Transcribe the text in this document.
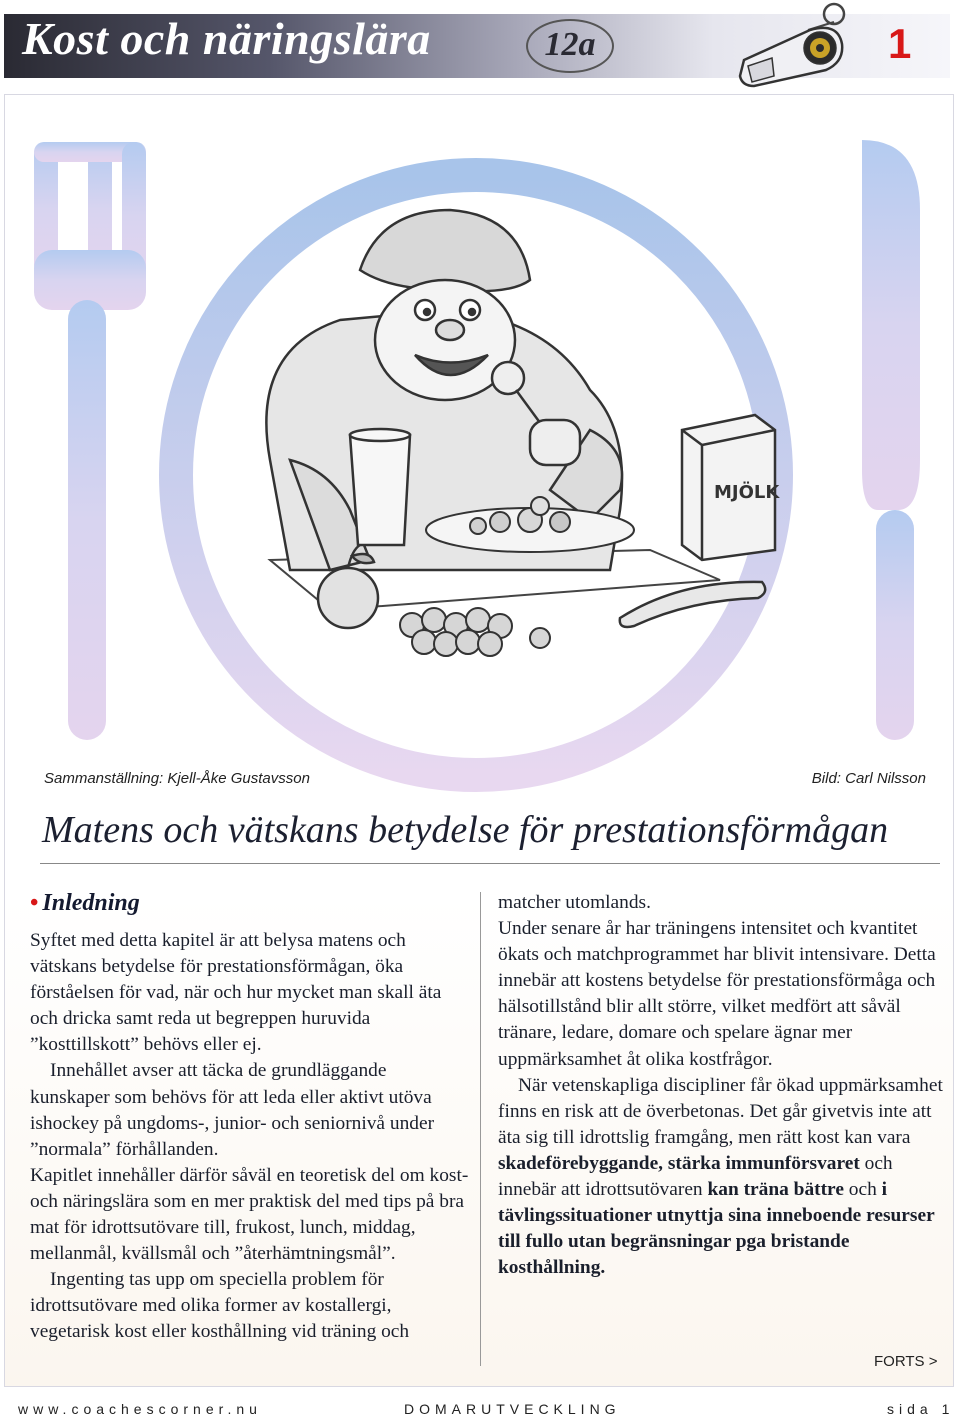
Kost och näringslära	12a	1
MJÖLK
Sammanställning: Kjell-Åke Gustavsson	Bild: Carl Nilsson
Matens och vätskans betydelse för prestationsförmågan
• Inledning

Syftet med detta kapitel är att belysa matens och vätskans betydelse för prestationsförmågan, öka förståelsen för vad, när och hur mycket man skall äta och dricka samt reda ut begreppen huruvida ”kosttillskott” behövs eller ej.

Innehållet avser att täcka de grundläggande kunskaper som behövs för att leda eller aktivt utöva ishockey på ungdoms-, junior- och seniornivå under ”normala” förhållanden.

Kapitlet innehåller därför såväl en teoretisk del om kost- och näringslära som en mer praktisk del med tips på bra mat för idrottsutövare till, frukost, lunch, middag, mellanmål, kvällsmål och ”återhämtningsmål”.

Ingenting tas upp om speciella problem för idrottsutövare med olika former av kostallergi, vegetarisk kost eller kosthållning vid träning och

matcher utomlands.

Under senare år har träningens intensitet och kvantitet ökats och matchprogrammet har blivit intensivare. Detta innebär att kostens betydelse för prestationsförmåga och hälsotillstånd blir allt större, vilket medfört att såväl tränare, ledare, domare och spelare ägnar mer uppmärksamhet åt olika kostfrågor.

När vetenskapliga discipliner får ökad uppmärksamhet finns en risk att de överbetonas. Det går givetvis inte att äta sig till idrottslig framgång, men rätt kost kan vara skadeförebyggande, stärka immunförsvaret och innebär att idrottsutövaren kan träna bättre och i tävlingssituationer utnyttja sina inneboende resurser till fullo utan begränsningar pga bristande kosthållning.

FORTS >
www.coachescorner.nu	DOMARUTVECKLING	sida 1
